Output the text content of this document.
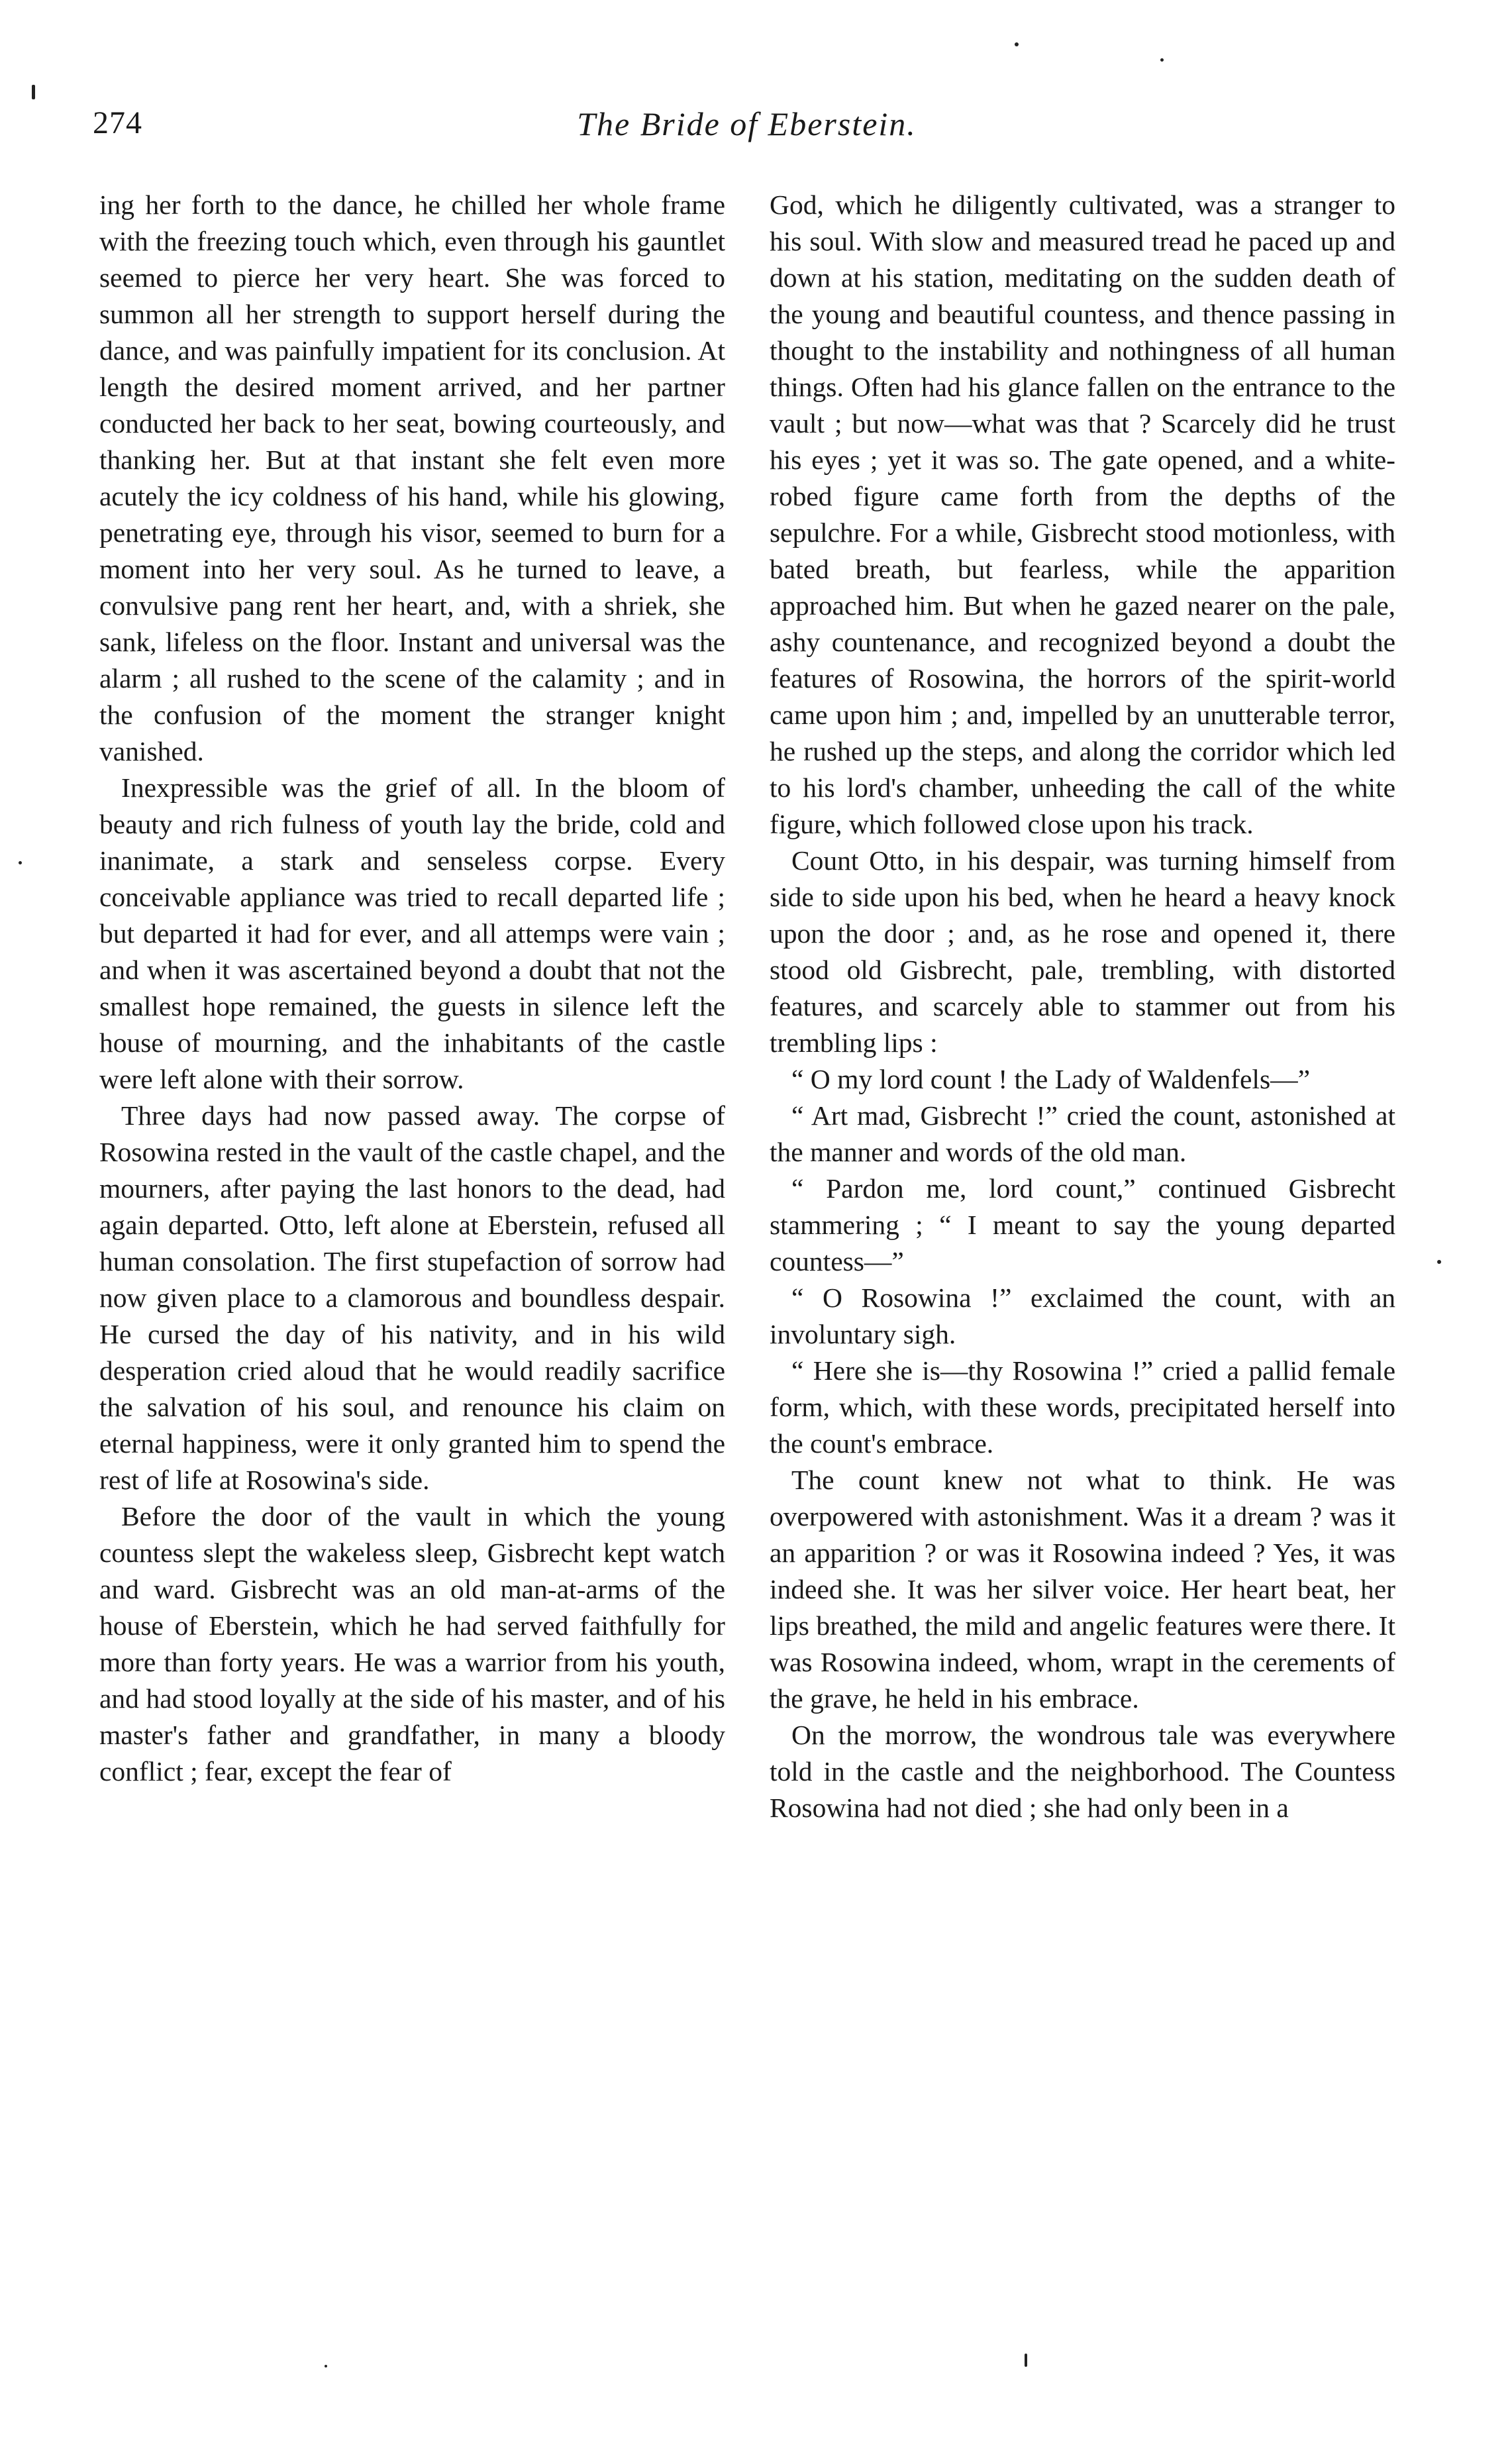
274	The Bride of Eberstein.

ing her forth to the dance, he chilled her whole frame with the freezing touch which, even through his gauntlet seemed to pierce her very heart. She was forced to summon all her strength to support herself during the dance, and was painfully impatient for its conclusion. At length the desired moment arrived, and her partner conducted her back to her seat, bowing courteously, and thanking her. But at that instant she felt even more acutely the icy coldness of his hand, while his glowing, penetrating eye, through his visor, seemed to burn for a moment into her very soul. As he turned to leave, a convulsive pang rent her heart, and, with a shriek, she sank, lifeless on the floor. Instant and universal was the alarm ; all rushed to the scene of the calamity ; and in the confusion of the moment the stranger knight vanished.

Inexpressible was the grief of all. In the bloom of beauty and rich fulness of youth lay the bride, cold and inanimate, a stark and senseless corpse. Every conceivable appliance was tried to recall departed life ; but departed it had for ever, and all attemps were vain ; and when it was ascertained beyond a doubt that not the smallest hope remained, the guests in silence left the house of mourning, and the inhabitants of the castle were left alone with their sorrow.

Three days had now passed away. The corpse of Rosowina rested in the vault of the castle chapel, and the mourners, after paying the last honors to the dead, had again departed. Otto, left alone at Eberstein, refused all human consolation. The first stupefaction of sorrow had now given place to a clamorous and boundless despair. He cursed the day of his nativity, and in his wild desperation cried aloud that he would readily sacrifice the salvation of his soul, and renounce his claim on eternal happiness, were it only granted him to spend the rest of life at Rosowina's side.

Before the door of the vault in which the young countess slept the wakeless sleep, Gisbrecht kept watch and ward. Gisbrecht was an old man-at-arms of the house of Eberstein, which he had served faithfully for more than forty years. He was a warrior from his youth, and had stood loyally at the side of his master, and of his master's father and grandfather, in many a bloody conflict ; fear, except the fear of

God, which he diligently cultivated, was a stranger to his soul. With slow and measured tread he paced up and down at his station, meditating on the sudden death of the young and beautiful countess, and thence passing in thought to the instability and nothingness of all human things. Often had his glance fallen on the entrance to the vault ; but now—what was that ? Scarcely did he trust his eyes ; yet it was so. The gate opened, and a white-robed figure came forth from the depths of the sepulchre. For a while, Gisbrecht stood motionless, with bated breath, but fearless, while the apparition approached him. But when he gazed nearer on the pale, ashy countenance, and recognized beyond a doubt the features of Rosowina, the horrors of the spirit-world came upon him ; and, impelled by an unutterable terror, he rushed up the steps, and along the corridor which led to his lord's chamber, unheeding the call of the white figure, which followed close upon his track.

Count Otto, in his despair, was turning himself from side to side upon his bed, when he heard a heavy knock upon the door ; and, as he rose and opened it, there stood old Gisbrecht, pale, trembling, with distorted features, and scarcely able to stammer out from his trembling lips :

“ O my lord count ! the Lady of Waldenfels—”

“ Art mad, Gisbrecht !” cried the count, astonished at the manner and words of the old man.

“ Pardon me, lord count,” continued Gisbrecht stammering ; “ I meant to say the young departed countess—”

“ O Rosowina !” exclaimed the count, with an involuntary sigh.

“ Here she is—thy Rosowina !” cried a pallid female form, which, with these words, precipitated herself into the count's embrace.

The count knew not what to think. He was overpowered with astonishment. Was it a dream ? was it an apparition ? or was it Rosowina indeed ? Yes, it was indeed she. It was her silver voice. Her heart beat, her lips breathed, the mild and angelic features were there. It was Rosowina indeed, whom, wrapt in the cerements of the grave, he held in his embrace.

On the morrow, the wondrous tale was everywhere told in the castle and the neighborhood. The Countess Rosowina had not died ; she had only been in a
